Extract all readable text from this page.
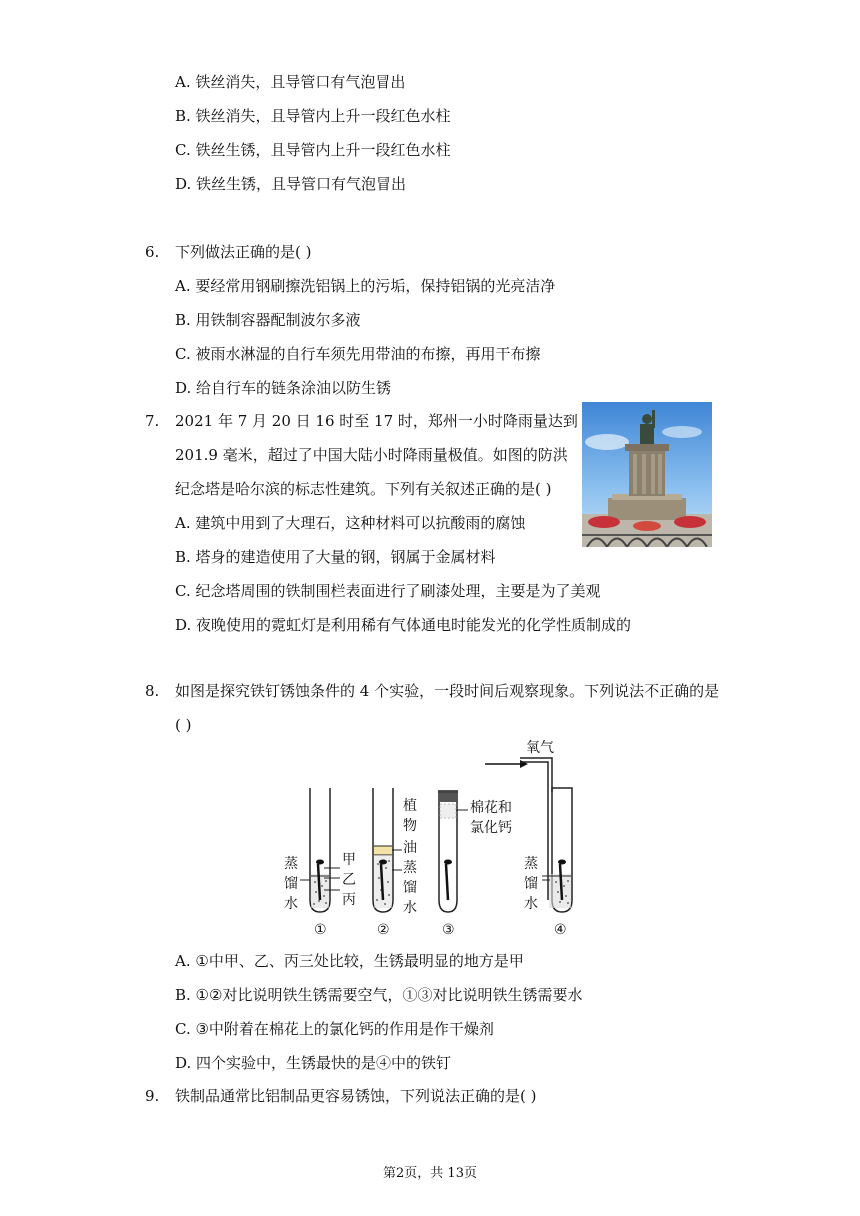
A. 铁丝消失，且导管口有气泡冒出
B. 铁丝消失，且导管内上升一段红色水柱
C. 铁丝生锈，且导管内上升一段红色水柱
D. 铁丝生锈，且导管口有气泡冒出
6. 下列做法正确的是( )
A. 要经常用钢刷擦洗铝锅上的污垢，保持铝锅的光亮洁净
B. 用铁制容器配制波尔多液
C. 被雨水淋湿的自行车须先用带油的布擦，再用干布擦
D. 给自行车的链条涂油以防生锈
7. 2021 年 7 月 20 日 16 时至 17 时，郑州一小时降雨量达到
201.9 毫米，超过了中国大陆小时降雨量极值。如图的防洪
纪念塔是哈尔滨的标志性建筑。下列有关叙述正确的是( )
A. 建筑中用到了大理石，这种材料可以抗酸雨的腐蚀
B. 塔身的建造使用了大量的钢，钢属于金属材料
C. 纪念塔周围的铁制围栏表面进行了刷漆处理，主要是为了美观
D. 夜晚使用的霓虹灯是利用稀有气体通电时能发光的化学性质制成的
8. 如图是探究铁钉锈蚀条件的 4 个实验，一段时间后观察现象。下列说法不正确的是
( )
氧气
棉花和
氯化钙
植
物
油
蒸
馏
水
蒸
馏
水
甲
乙
丙
蒸
馏
水
①	②	③	④
A. ①中甲、乙、丙三处比较，生锈最明显的地方是甲
B. ①②对比说明铁生锈需要空气，①③对比说明铁生锈需要水
C. ③中附着在棉花上的氯化钙的作用是作干燥剂
D. 四个实验中，生锈最快的是④中的铁钉
9. 铁制品通常比铝制品更容易锈蚀，下列说法正确的是( )
第2页，共 13页
